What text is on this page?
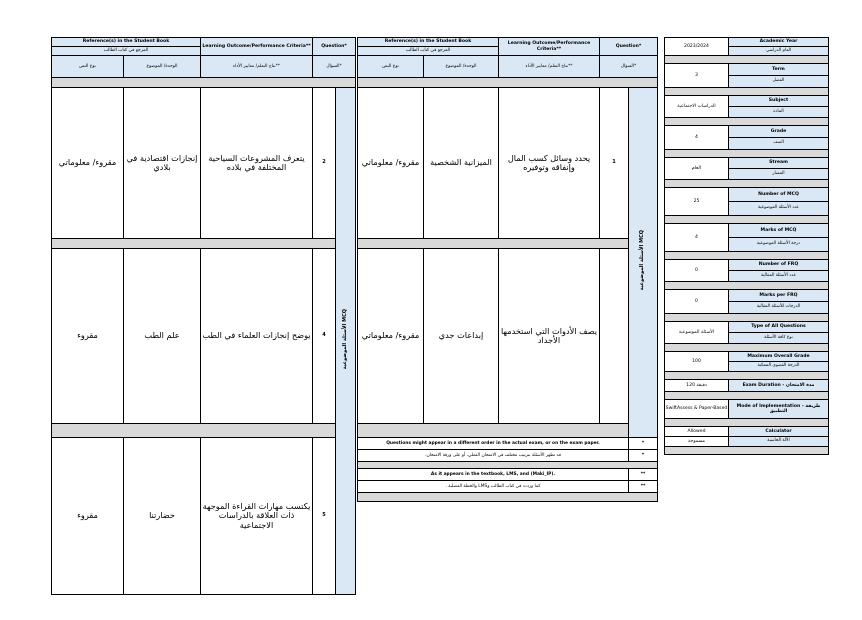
Reference(s) in the Student Book		Learning Outcome/Performance Criteria**	Question*	
المرجع في كتاب الطالب				
نوع النص	الوحدة/ الموضوع	نتاج التعلم/ معايير الأداء**	السؤال*	

مقروء/ معلوماتي	إنجازات اقتصادية في بلادي	يتعرف المشروعات السياحية المختلفة في بلاده	2	الأسئلة الموضوعية MCQ

مقروء	علم الطب	يوضح إنجازات العلماء في الطب	4	

مقروء	حضارتنا	يكتسب مهارات القراءة الموجهة ذات العلاقة بالدراسات الاجتماعية	5	
Reference(s) in the Student Book		Learning Outcome/Performance Criteria**	Question*	
المرجع في كتاب الطالب				
نوع النص	الوحدة/ الموضوع	نتاج التعلم/ معايير الأداء**	السؤال*	

مقروء/ معلوماتي	الميزانية الشخصية	يحدد وسائل كسب المال وإنفاقه وتوفيره	1	الأسئلة الموضوعية MCQ

مقروء/ معلوماتي	إبداعات جدي	يصف الأدوات التي استخدمها الأجداد		

Questions might appear in a different order in the actual exam, or on the exam paper.				*
قد تظهر الأسئلة بترتيب مختلف في الامتحان الفعلي، أو على ورقة الامتحان.				*

As it appears in the textbook, LMS, and (Maki_IP).				**
كما وردت في كتاب الطالب وLMS والخطة الفصلية .				**

2023/2024	Academic Year
	العام الدراسي

3	Term
	الفصل

الدراسات الاجتماعية	Subject
	المادة

4	Grade
	الصف

العام	Stream
	المسار

25	Number of MCQ
	عدد الأسئلة الموضوعية

4	Marks of MCQ
	درجة الأسئلة الموضوعية

0	Number of FRQ
	عدد الأسئلة المقالية

0	Marks per FRQ
	الدرجات للأسئلة المقالية

الأسئلة الموضوعية	Type of All Questions
	نوع كافة الأسئلة

100	Maximum Overall Grade
	الدرجة القصوى الممكنة

120 دقيقة	Exam Duration - مدة الامتحان

SwiftAssess & Paper-Based	Mode of Implementation - طريقة التطبيق

Allowed	Calculator
مسموحة	الآلة الحاسبة
